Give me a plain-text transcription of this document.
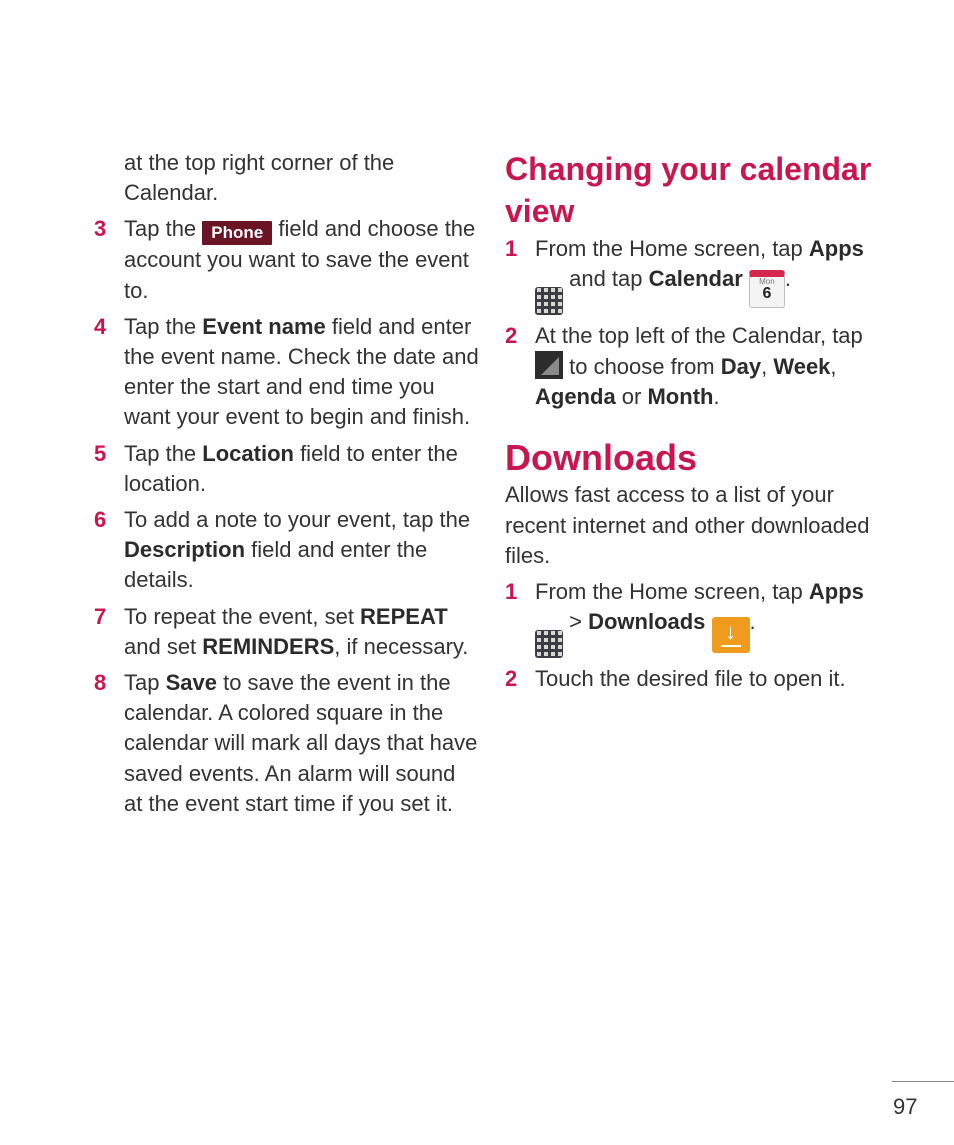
at the top right corner of the Calendar.
3 Tap the Phone field and choose the account you want to save the event to.
4 Tap the Event name field and enter the event name. Check the date and enter the start and end time you want your event to begin and finish.
5 Tap the Location field to enter the location.
6 To add a note to your event, tap the Description field and enter the details.
7 To repeat the event, set REPEAT and set REMINDERS, if necessary.
8 Tap Save to save the event in the calendar. A colored square in the calendar will mark all days that have saved events. An alarm will sound at the event start time if you set it.
Changing your calendar view
1 From the Home screen, tap Apps
and tap Calendar	Mon
6
.
2 At the top left of the Calendar, tap  to choose from Day, Week, Agenda or Month.
Downloads
Allows fast access to a list of your recent internet and other downloaded files.
1 From the Home screen, tap Apps
> Downloads ↓ .
2 Touch the desired file to open it.
97
